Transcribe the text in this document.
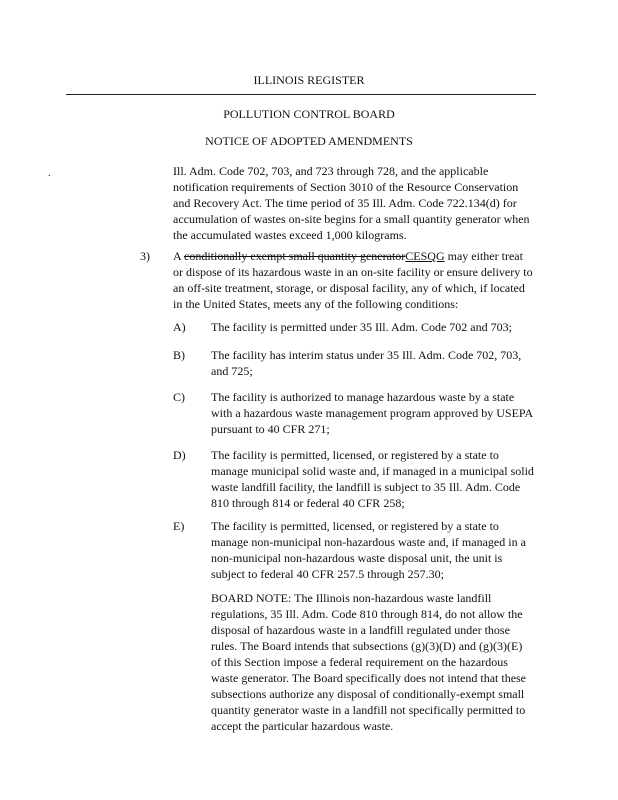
ILLINOIS REGISTER
POLLUTION CONTROL BOARD
NOTICE OF ADOPTED AMENDMENTS
.	Ill. Adm. Code 702, 703, and 723 through 728, and the applicable
notification requirements of Section 3010 of the Resource Conservation
and Recovery Act. The time period of 35 Ill. Adm. Code 722.134(d) for
accumulation of wastes on-site begins for a small quantity generator when
the accumulated wastes exceed 1,000 kilograms.
3) A conditionally exempt small quantity generatorCESQG may either treat
or dispose of its hazardous waste in an on-site facility or ensure delivery to
an off-site treatment, storage, or disposal facility, any of which, if located
in the United States, meets any of the following conditions:
A) The facility is permitted under 35 Ill. Adm. Code 702 and 703;
B) The facility has interim status under 35 Ill. Adm. Code 702, 703,
and 725;
C) The facility is authorized to manage hazardous waste by a state
with a hazardous waste management program approved by USEPA
pursuant to 40 CFR 271;
D) The facility is permitted, licensed, or registered by a state to
manage municipal solid waste and, if managed in a municipal solid
waste landfill facility, the landfill is subject to 35 Ill. Adm. Code
810 through 814 or federal 40 CFR 258;
E) The facility is permitted, licensed, or registered by a state to
manage non-municipal non-hazardous waste and, if managed in a
non-municipal non-hazardous waste disposal unit, the unit is
subject to federal 40 CFR 257.5 through 257.30;
BOARD NOTE: The Illinois non-hazardous waste landfill
regulations, 35 Ill. Adm. Code 810 through 814, do not allow the
disposal of hazardous waste in a landfill regulated under those
rules. The Board intends that subsections (g)(3)(D) and (g)(3)(E)
of this Section impose a federal requirement on the hazardous
waste generator. The Board specifically does not intend that these
subsections authorize any disposal of conditionally-exempt small
quantity generator waste in a landfill not specifically permitted to
accept the particular hazardous waste.
